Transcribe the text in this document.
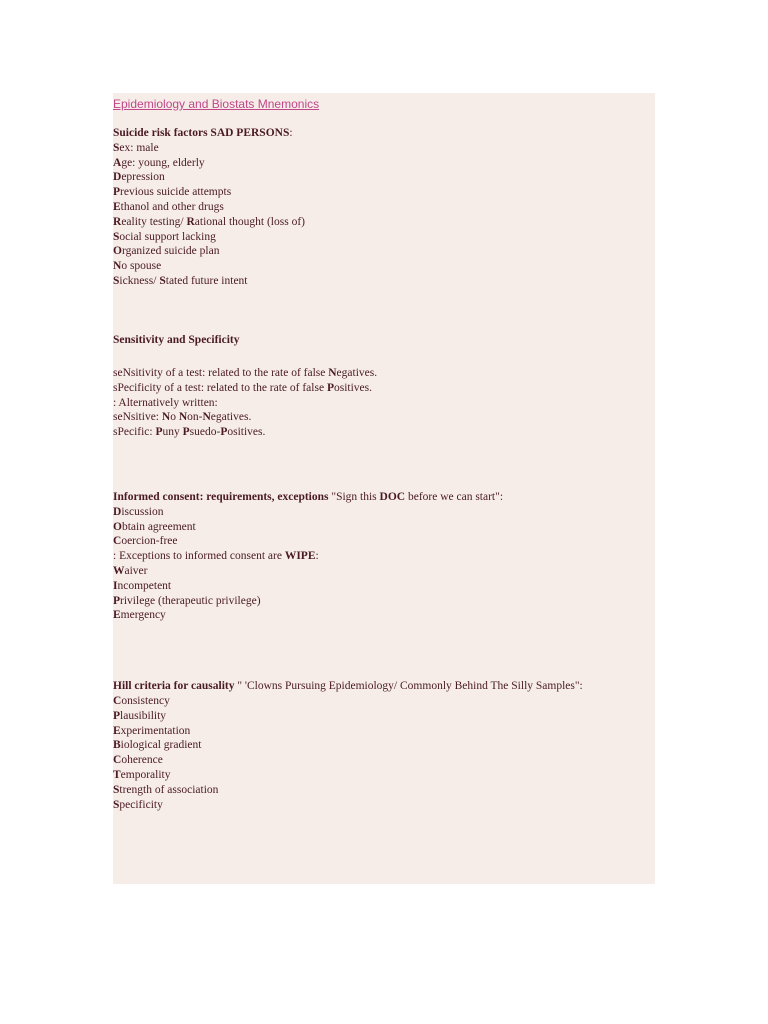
Epidemiology and Biostats Mnemonics
Suicide risk factors SAD PERSONS:
Sex: male
Age: young, elderly
Depression
Previous suicide attempts
Ethanol and other drugs
Reality testing/ Rational thought (loss of)
Social support lacking
Organized suicide plan
No spouse
Sickness/ Stated future intent
Sensitivity and Specificity
seNsitivity of a test: related to the rate of false Negatives.
sPecificity of a test: related to the rate of false Positives.
: Alternatively written:
seNsitive: No Non-Negatives.
sPecific: Puny Psuedo-Positives.
Informed consent: requirements, exceptions "Sign this DOC before we can start":
Discussion
Obtain agreement
Coercion-free
: Exceptions to informed consent are WIPE:
Waiver
Incompetent
Privilege (therapeutic privilege)
Emergency
Hill criteria for causality " 'Clowns Pursuing Epidemiology/ Commonly Behind The Silly Samples":
Consistency
Plausibility
Experimentation
Biological gradient
Coherence
Temporality
Strength of association
Specificity
